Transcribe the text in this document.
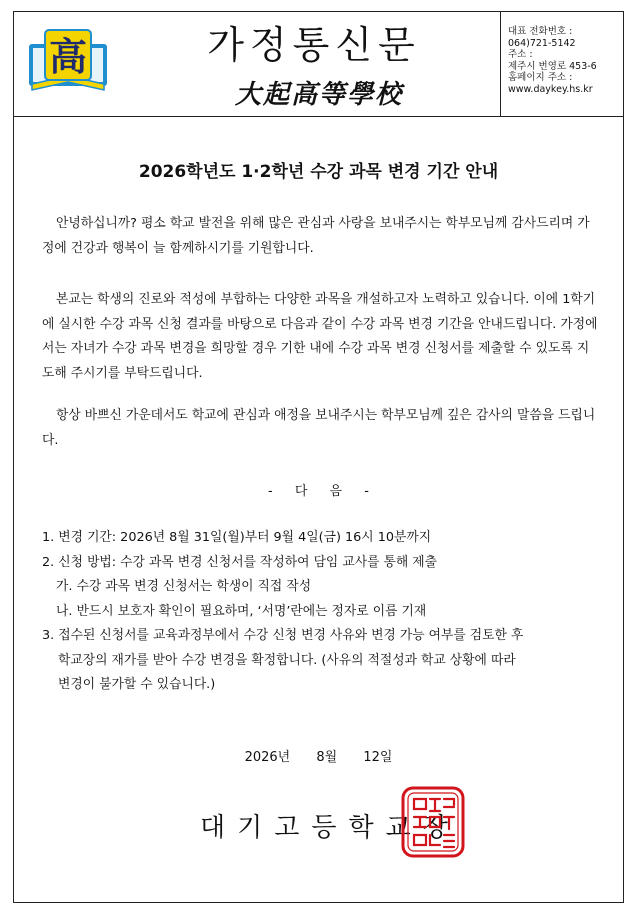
高	가정통신문
大起高等學校
대표 전화번호 :
064)721-5142
주소 :
제주시 번영로 453-6
홈페이지 주소 :
www.daykey.hs.kr
2026학년도 1·2학년 수강 과목 변경 기간 안내

안녕하십니까? 평소 학교 발전을 위해 많은 관심과 사랑을 보내주시는 학부모님께 감사드리며 가정에 건강과 행복이 늘 함께하시기를 기원합니다.

본교는 학생의 진로와 적성에 부합하는 다양한 과목을 개설하고자 노력하고 있습니다. 이에 1학기에 실시한 수강 과목 신청 결과를 바탕으로 다음과 같이 수강 과목 변경 기간을 안내드립니다. 가정에서는 자녀가 수강 과목 변경을 희망할 경우 기한 내에 수강 과목 변경 신청서를 제출할 수 있도록 지도해 주시기를 부탁드립니다.

항상 바쁘신 가운데서도 학교에 관심과 애정을 보내주시는 학부모님께 깊은 감사의 말씀을 드립니다.

- 다 음 -
1. 변경 기간: 2026년 8월 31일(월)부터 9월 4일(금) 16시 10분까지
2. 신청 방법: 수강 과목 변경 신청서를 작성하여 담임 교사를 통해 제출
가. 수강 과목 변경 신청서는 학생이 직접 작성
나. 반드시 보호자 확인이 필요하며, ‘서명’란에는 정자로 이름 기재
3. 접수된 신청서를 교육과정부에서 수강 신청 변경 사유와 변경 가능 여부를 검토한 후
학교장의 재가를 받아 수강 변경을 확정합니다. (사유의 적절성과 학교 상황에 따라
변경이 불가할 수 있습니다.)
2026년 8월 12일
대기고등학교장
